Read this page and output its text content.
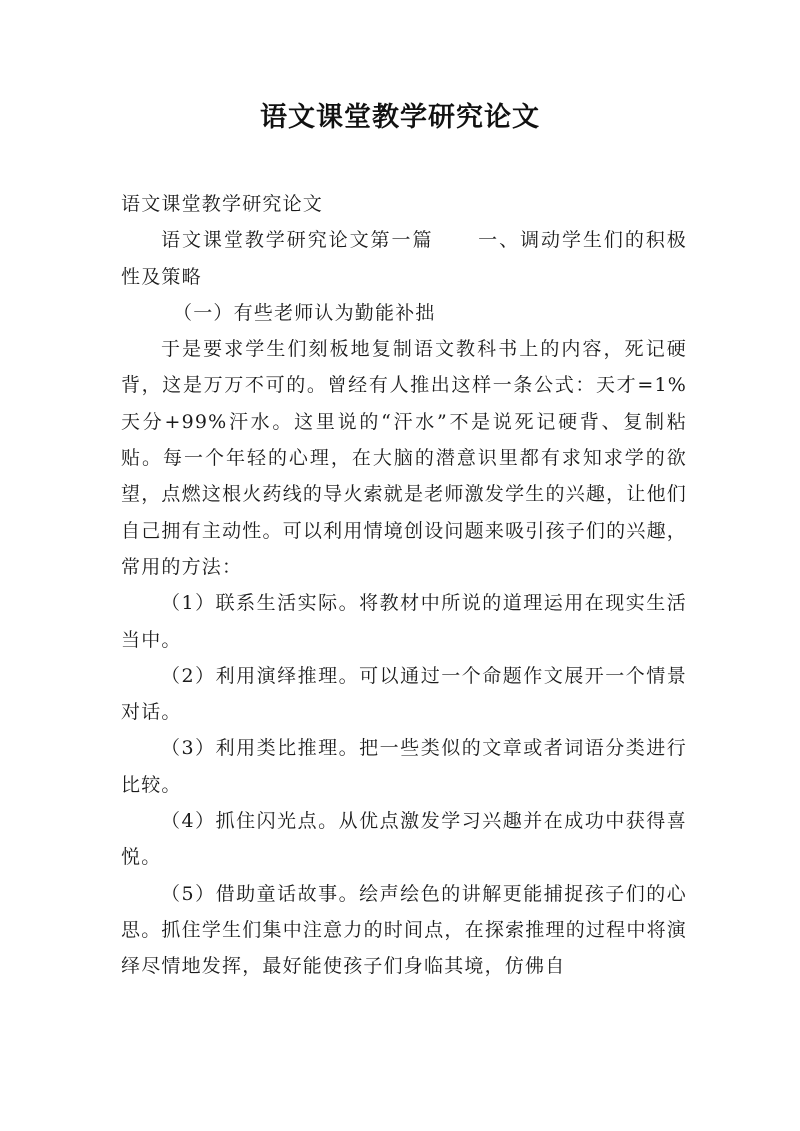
语文课堂教学研究论文

语文课堂教学研究论文

语文课堂教学研究论文第一篇 一、调动学生们的积极性及策略

（一）有些老师认为勤能补拙

于是要求学生们刻板地复制语文教科书上的内容，死记硬背，这是万万不可的。曾经有人推出这样一条公式：天才=1%天分+99%汗水。这里说的“汗水”不是说死记硬背、复制粘贴。每一个年轻的心理，在大脑的潜意识里都有求知求学的欲望，点燃这根火药线的导火索就是老师激发学生的兴趣，让他们自己拥有主动性。可以利用情境创设问题来吸引孩子们的兴趣，常用的方法：

（1）联系生活实际。将教材中所说的道理运用在现实生活当中。

（2）利用演绎推理。可以通过一个命题作文展开一个情景对话。

（3）利用类比推理。把一些类似的文章或者词语分类进行比较。

（4）抓住闪光点。从优点激发学习兴趣并在成功中获得喜悦。

（5）借助童话故事。绘声绘色的讲解更能捕捉孩子们的心思。抓住学生们集中注意力的时间点，在探索推理的过程中将演绎尽情地发挥，最好能使孩子们身临其境，仿佛自
